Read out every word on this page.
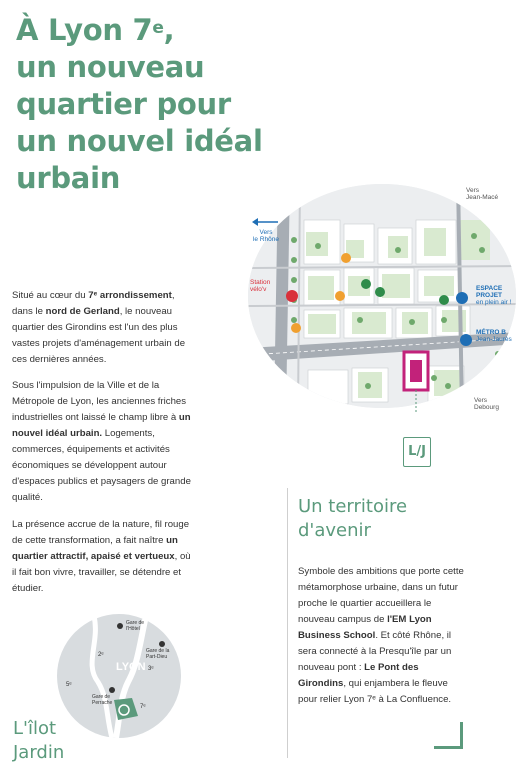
À Lyon 7e,
un nouveau
quartier pour
un nouvel idéal
urbain

Situé au cœur du 7ᵉ arrondissement, dans le nord de Gerland, le nouveau quartier des Girondins est l'un des plus vastes projets d'aménagement urbain de ces dernières années.

Sous l'impulsion de la Ville et de la Métropole de Lyon, les anciennes friches industrielles ont laissé le champ libre à un nouvel idéal urbain. Logements, commerces, équipements et activités économiques se développent autour d'espaces publics et paysagers de grande qualité.

La présence accrue de la nature, fil rouge de cette transformation, a fait naître un quartier attractif, apaisé et vertueux, où il fait bon vivre, travailler, se détendre et étudier.

Un territoire
d'avenir

Symbole des ambitions que porte cette métamorphose urbaine, dans un futur proche le quartier accueillera le nouveau campus de l'EM Lyon Business School. Et côté Rhône, il sera connecté à la Presqu'île par un nouveau pont : Le Pont des Girondins, qui enjambera le fleuve pour relier Lyon 7ᵉ à La Confluence.

Vers
le Rhône
Vers
Jean-Macé
Vers
Debourg
Station
vélo'v	ESPACE
PROJET
en plein air !
MÉTRO B
Jean-Jaurès
L/J
LYON
2ᵉ
3ᵉ
5ᵉ
7ᵉ
Gare de
l'Hôtel
Gare de la
Part-Dieu
Gare de
Perrache

L'îlot
Jardin
